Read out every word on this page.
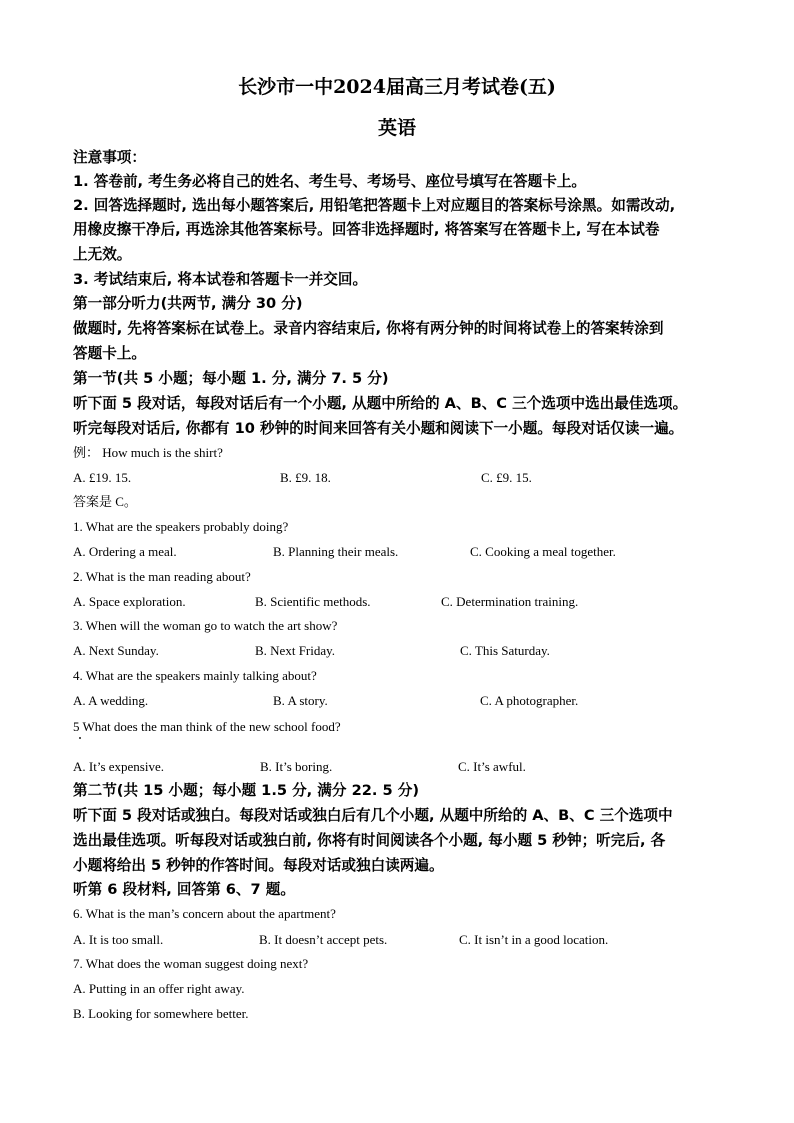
长沙市一中2024届高三月考试卷(五)
英语
注意事项：
1. 答卷前, 考生务必将自己的姓名、考生号、考场号、座位号填写在答题卡上。
2. 回答选择题时, 选出每小题答案后, 用铅笔把答题卡上对应题目的答案标号涂黑。如需改动,
用橡皮擦干净后, 再选涂其他答案标号。回答非选择题时, 将答案写在答题卡上, 写在本试卷
上无效。
3. 考试结束后, 将本试卷和答题卡一并交回。
第一部分听力(共两节, 满分 30 分)
做题时, 先将答案标在试卷上。录音内容结束后, 你将有两分钟的时间将试卷上的答案转涂到
答题卡上。
第一节(共 5 小题；每小题 1. 分, 满分 7. 5 分)
听下面 5 段对话，每段对话后有一个小题, 从题中所给的 A、B、C 三个选项中选出最佳选项。
听完每段对话后, 你都有 10 秒钟的时间来回答有关小题和阅读下一小题。每段对话仅读一遍。
例： How much is the shirt?
A. £19. 15.	B. £9. 18.	C. £9. 15.
答案是 C。
1. What are the speakers probably doing?
A. Ordering a meal.	B. Planning their meals.	C. Cooking a meal together.
2. What is the man reading about?
A. Space exploration.	B. Scientific methods.	C. Determination training.
3. When will the woman go to watch the art show?
A. Next Sunday.	B. Next Friday.	C. This Saturday.
4. What are the speakers mainly talking about?
A. A wedding.	B. A story.	C. A photographer.
5 What does the man think of the new school food?
A. It’s expensive.	B. It’s boring.	C. It’s awful.
第二节(共 15 小题；每小题 1.5 分, 满分 22. 5 分)
听下面 5 段对话或独白。每段对话或独白后有几个小题, 从题中所给的 A、B、C 三个选项中
选出最佳选项。听每段对话或独白前, 你将有时间阅读各个小题, 每小题 5 秒钟；听完后, 各
小题将给出 5 秒钟的作答时间。每段对话或独白读两遍。
听第 6 段材料, 回答第 6、7 题。
6. What is the man’s concern about the apartment?
A. It is too small.	B. It doesn’t accept pets.	C. It isn’t in a good location.
7. What does the woman suggest doing next?
A. Putting in an offer right away.
B. Looking for somewhere better.
